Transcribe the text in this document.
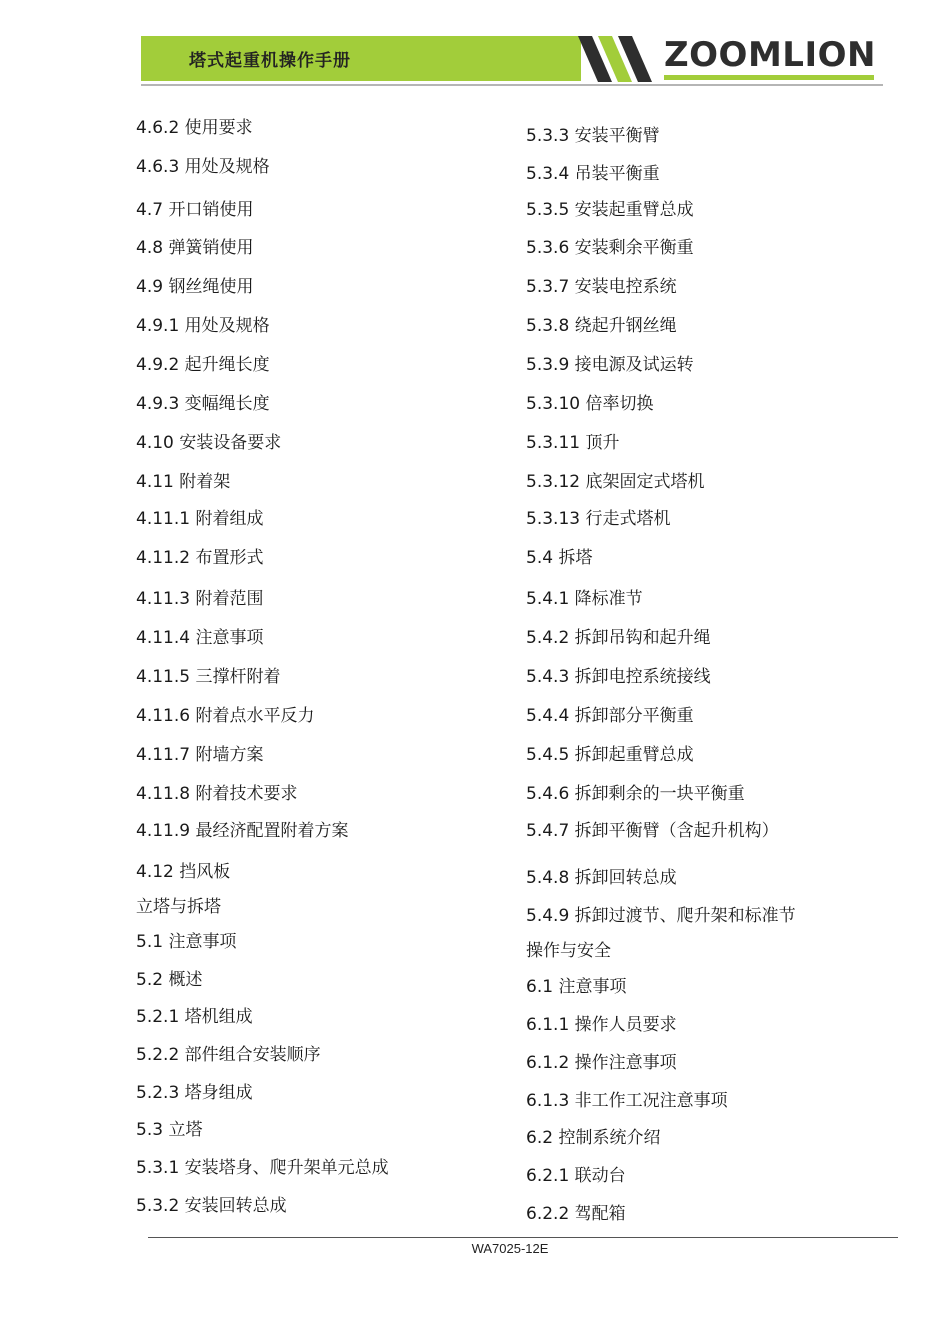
塔式起重机操作手册	ZOOMLION
4.6.2 使用要求
4.6.3 用处及规格
4.7 开口销使用
4.8 弹簧销使用
4.9 钢丝绳使用
4.9.1 用处及规格
4.9.2 起升绳长度
4.9.3 变幅绳长度
4.10 安装设备要求
4.11 附着架
4.11.1 附着组成
4.11.2 布置形式
4.11.3 附着范围
4.11.4 注意事项
4.11.5 三撑杆附着
4.11.6 附着点水平反力
4.11.7 附墙方案
4.11.8 附着技术要求
4.11.9 最经济配置附着方案
4.12 挡风板
立塔与拆塔
5.1 注意事项
5.2 概述
5.2.1 塔机组成
5.2.2 部件组合安装顺序
5.2.3 塔身组成
5.3 立塔
5.3.1 安装塔身、爬升架单元总成
5.3.2 安装回转总成
5.3.3 安装平衡臂
5.3.4 吊装平衡重
5.3.5 安装起重臂总成
5.3.6 安装剩余平衡重
5.3.7 安装电控系统
5.3.8 绕起升钢丝绳
5.3.9 接电源及试运转
5.3.10 倍率切换
5.3.11 顶升
5.3.12 底架固定式塔机
5.3.13 行走式塔机
5.4 拆塔
5.4.1 降标准节
5.4.2 拆卸吊钩和起升绳
5.4.3 拆卸电控系统接线
5.4.4 拆卸部分平衡重
5.4.5 拆卸起重臂总成
5.4.6 拆卸剩余的一块平衡重
5.4.7 拆卸平衡臂（含起升机构）
5.4.8 拆卸回转总成
5.4.9 拆卸过渡节、爬升架和标准节
操作与安全
6.1 注意事项
6.1.1 操作人员要求
6.1.2 操作注意事项
6.1.3 非工作工况注意事项
6.2 控制系统介绍
6.2.1 联动台
6.2.2 驾配箱
WA7025-12E
